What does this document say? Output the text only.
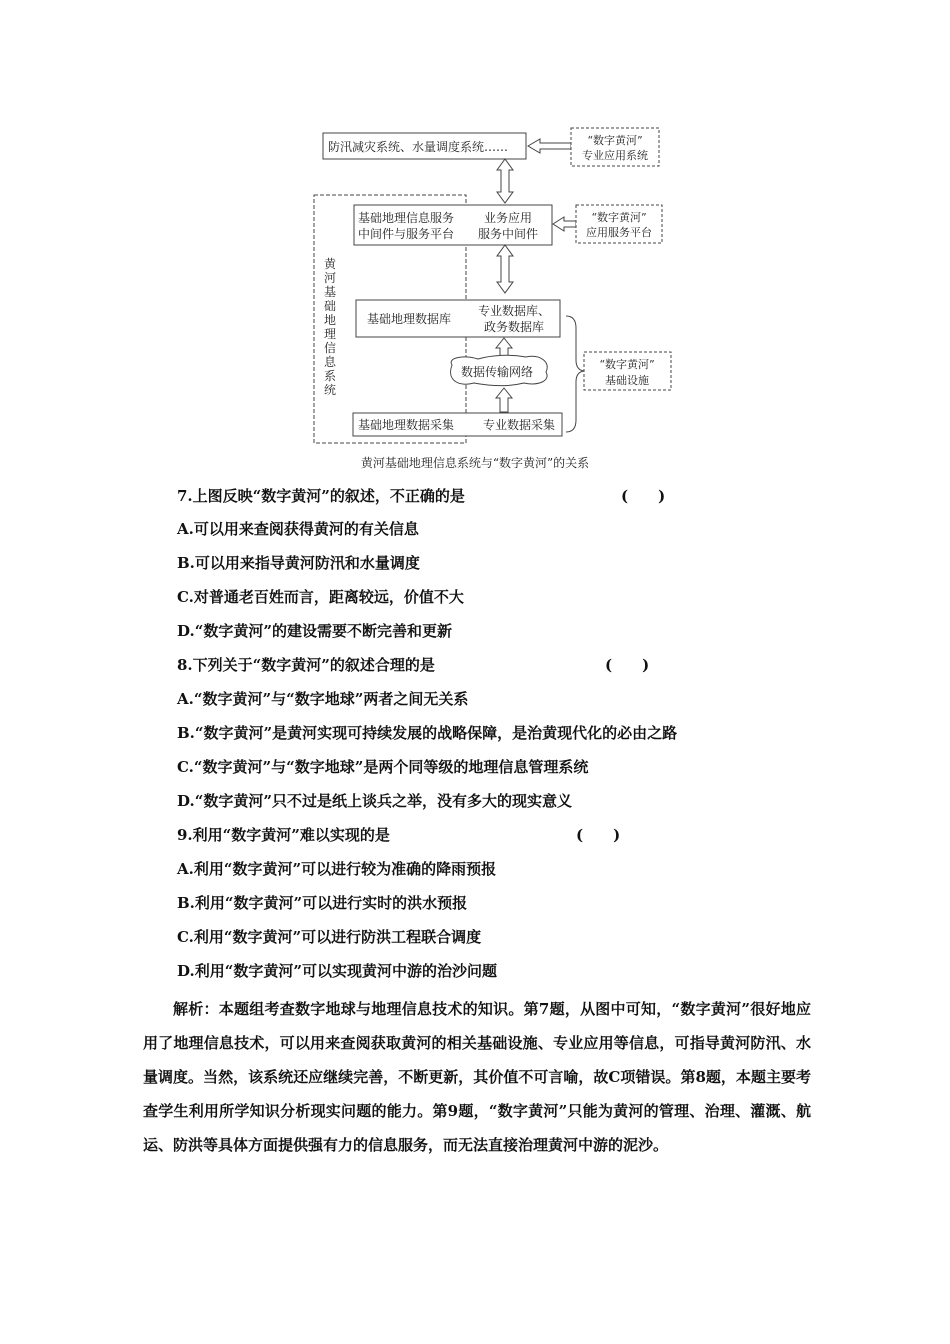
防汛减灾系统、水量调度系统……	“数字黄河”
专业应用系统
黄
河
基
础
地
理
信
息
系
统
基础地理信息服务
中间件与服务平台
业务应用
服务中间件
“数字黄河”
应用服务平台
基础地理数据库
专业数据库、
政务数据库
数据传输网络
基础地理数据采集 专业数据采集
“数字黄河”
基础设施
黄河基础地理信息系统与“数字黄河”的关系
7.上图反映“数字黄河”的叙述，不正确的是	(　　)
A.可以用来查阅获得黄河的有关信息
B.可以用来指导黄河防汛和水量调度
C.对普通老百姓而言，距离较远，价值不大
D.“数字黄河”的建设需要不断完善和更新
8.下列关于“数字黄河”的叙述合理的是	(　　)
A.“数字黄河”与“数字地球”两者之间无关系
B.“数字黄河”是黄河实现可持续发展的战略保障，是治黄现代化的必由之路
C.“数字黄河”与“数字地球”是两个同等级的地理信息管理系统
D.“数字黄河”只不过是纸上谈兵之举，没有多大的现实意义
9.利用“数字黄河”难以实现的是	(　　)
A.利用“数字黄河”可以进行较为准确的降雨预报
B.利用“数字黄河”可以进行实时的洪水预报
C.利用“数字黄河”可以进行防洪工程联合调度
D.利用“数字黄河”可以实现黄河中游的治沙问题
解析：本题组考查数字地球与地理信息技术的知识。第7题，从图中可知，“数字黄河”很好地应用了地理信息技术，可以用来查阅获取黄河的相关基础设施、专业应用等信息，可指导黄河防汛、水量调度。当然，该系统还应继续完善，不断更新，其价值不可言喻，故C项错误。第8题，本题主要考查学生利用所学知识分析现实问题的能力。第9题，“数字黄河”只能为黄河的管理、治理、灌溉、航运、防洪等具体方面提供强有力的信息服务，而无法直接治理黄河中游的泥沙。
